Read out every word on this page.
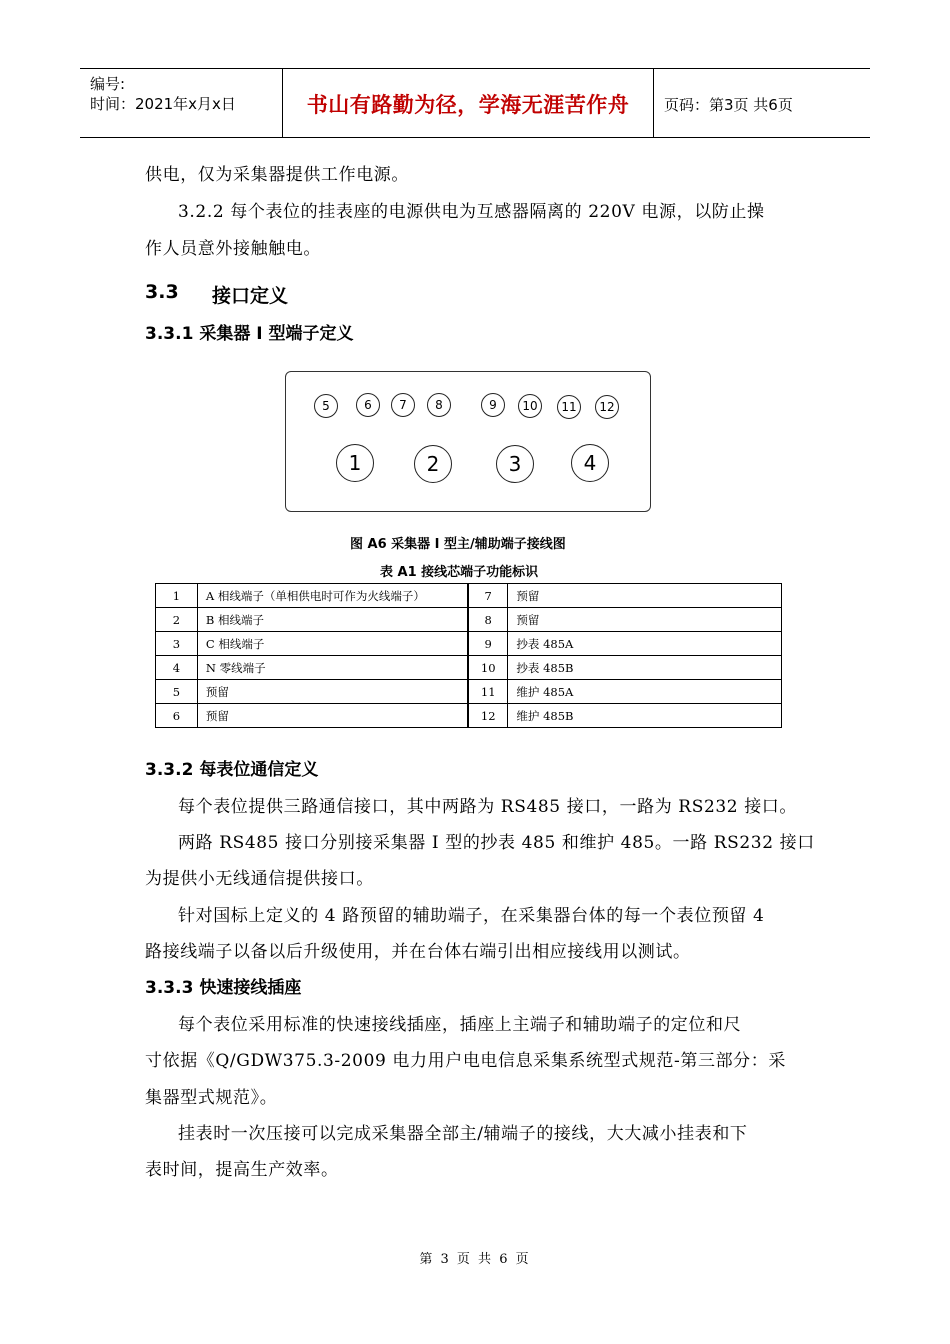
编号:
时间：2021年x月x日	书山有路勤为径，学海无涯苦作舟	页码：第3页 共6页
供电，仅为采集器提供工作电源。
3.2.2 每个表位的挂表座的电源供电为互感器隔离的 220V 电源，以防止操
作人员意外接触触电。
3.3 接口定义
3.3.1 采集器 I 型端子定义
5	6	7	8	9	10	11	12
1	2	3	4
图 A6 采集器 I 型主/辅助端子接线图
表 A1 接线芯端子功能标识
1	A 相线端子（单相供电时可作为火线端子）	7	预留
2	B 相线端子	8	预留
3	C 相线端子	9	抄表 485A
4	N 零线端子	10	抄表 485B
5	预留	11	维护 485A
6	预留	12	维护 485B
3.3.2 每表位通信定义
每个表位提供三路通信接口，其中两路为 RS485 接口，一路为 RS232 接口。
两路 RS485 接口分别接采集器 I 型的抄表 485 和维护 485。一路 RS232 接口
为提供小无线通信提供接口。
针对国标上定义的 4 路预留的辅助端子，在采集器台体的每一个表位预留 4
路接线端子以备以后升级使用，并在台体右端引出相应接线用以测试。
3.3.3 快速接线插座
每个表位采用标准的快速接线插座，插座上主端子和辅助端子的定位和尺
寸依据《Q/GDW375.3-2009 电力用户电电信息采集系统型式规范-第三部分：采
集器型式规范》。
挂表时一次压接可以完成采集器全部主/辅端子的接线，大大减小挂表和下
表时间，提高生产效率。
第 3 页 共 6 页
